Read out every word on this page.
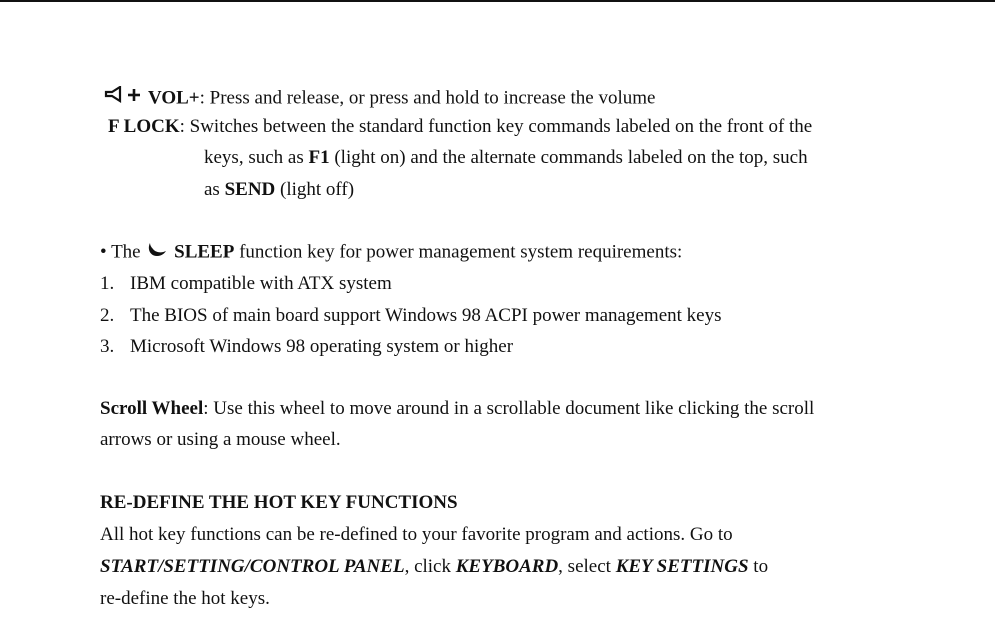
VOL+: Press and release, or press and hold to increase the volume
F LOCK: Switches between the standard function key commands labeled on the front of the
keys, such as F1 (light on) and the alternate commands labeled on the top, such
as SEND (light off)
• The SLEEP function key for power management system requirements:
1. IBM compatible with ATX system
2. The BIOS of main board support Windows 98 ACPI power management keys
3. Microsoft Windows 98 operating system or higher
Scroll Wheel: Use this wheel to move around in a scrollable document like clicking the scroll
arrows or using a mouse wheel.
RE-DEFINE THE HOT KEY FUNCTIONS
All hot key functions can be re-defined to your favorite program and actions. Go to
START/SETTING/CONTROL PANEL, click KEYBOARD, select KEY SETTINGS to
re-define the hot keys.
